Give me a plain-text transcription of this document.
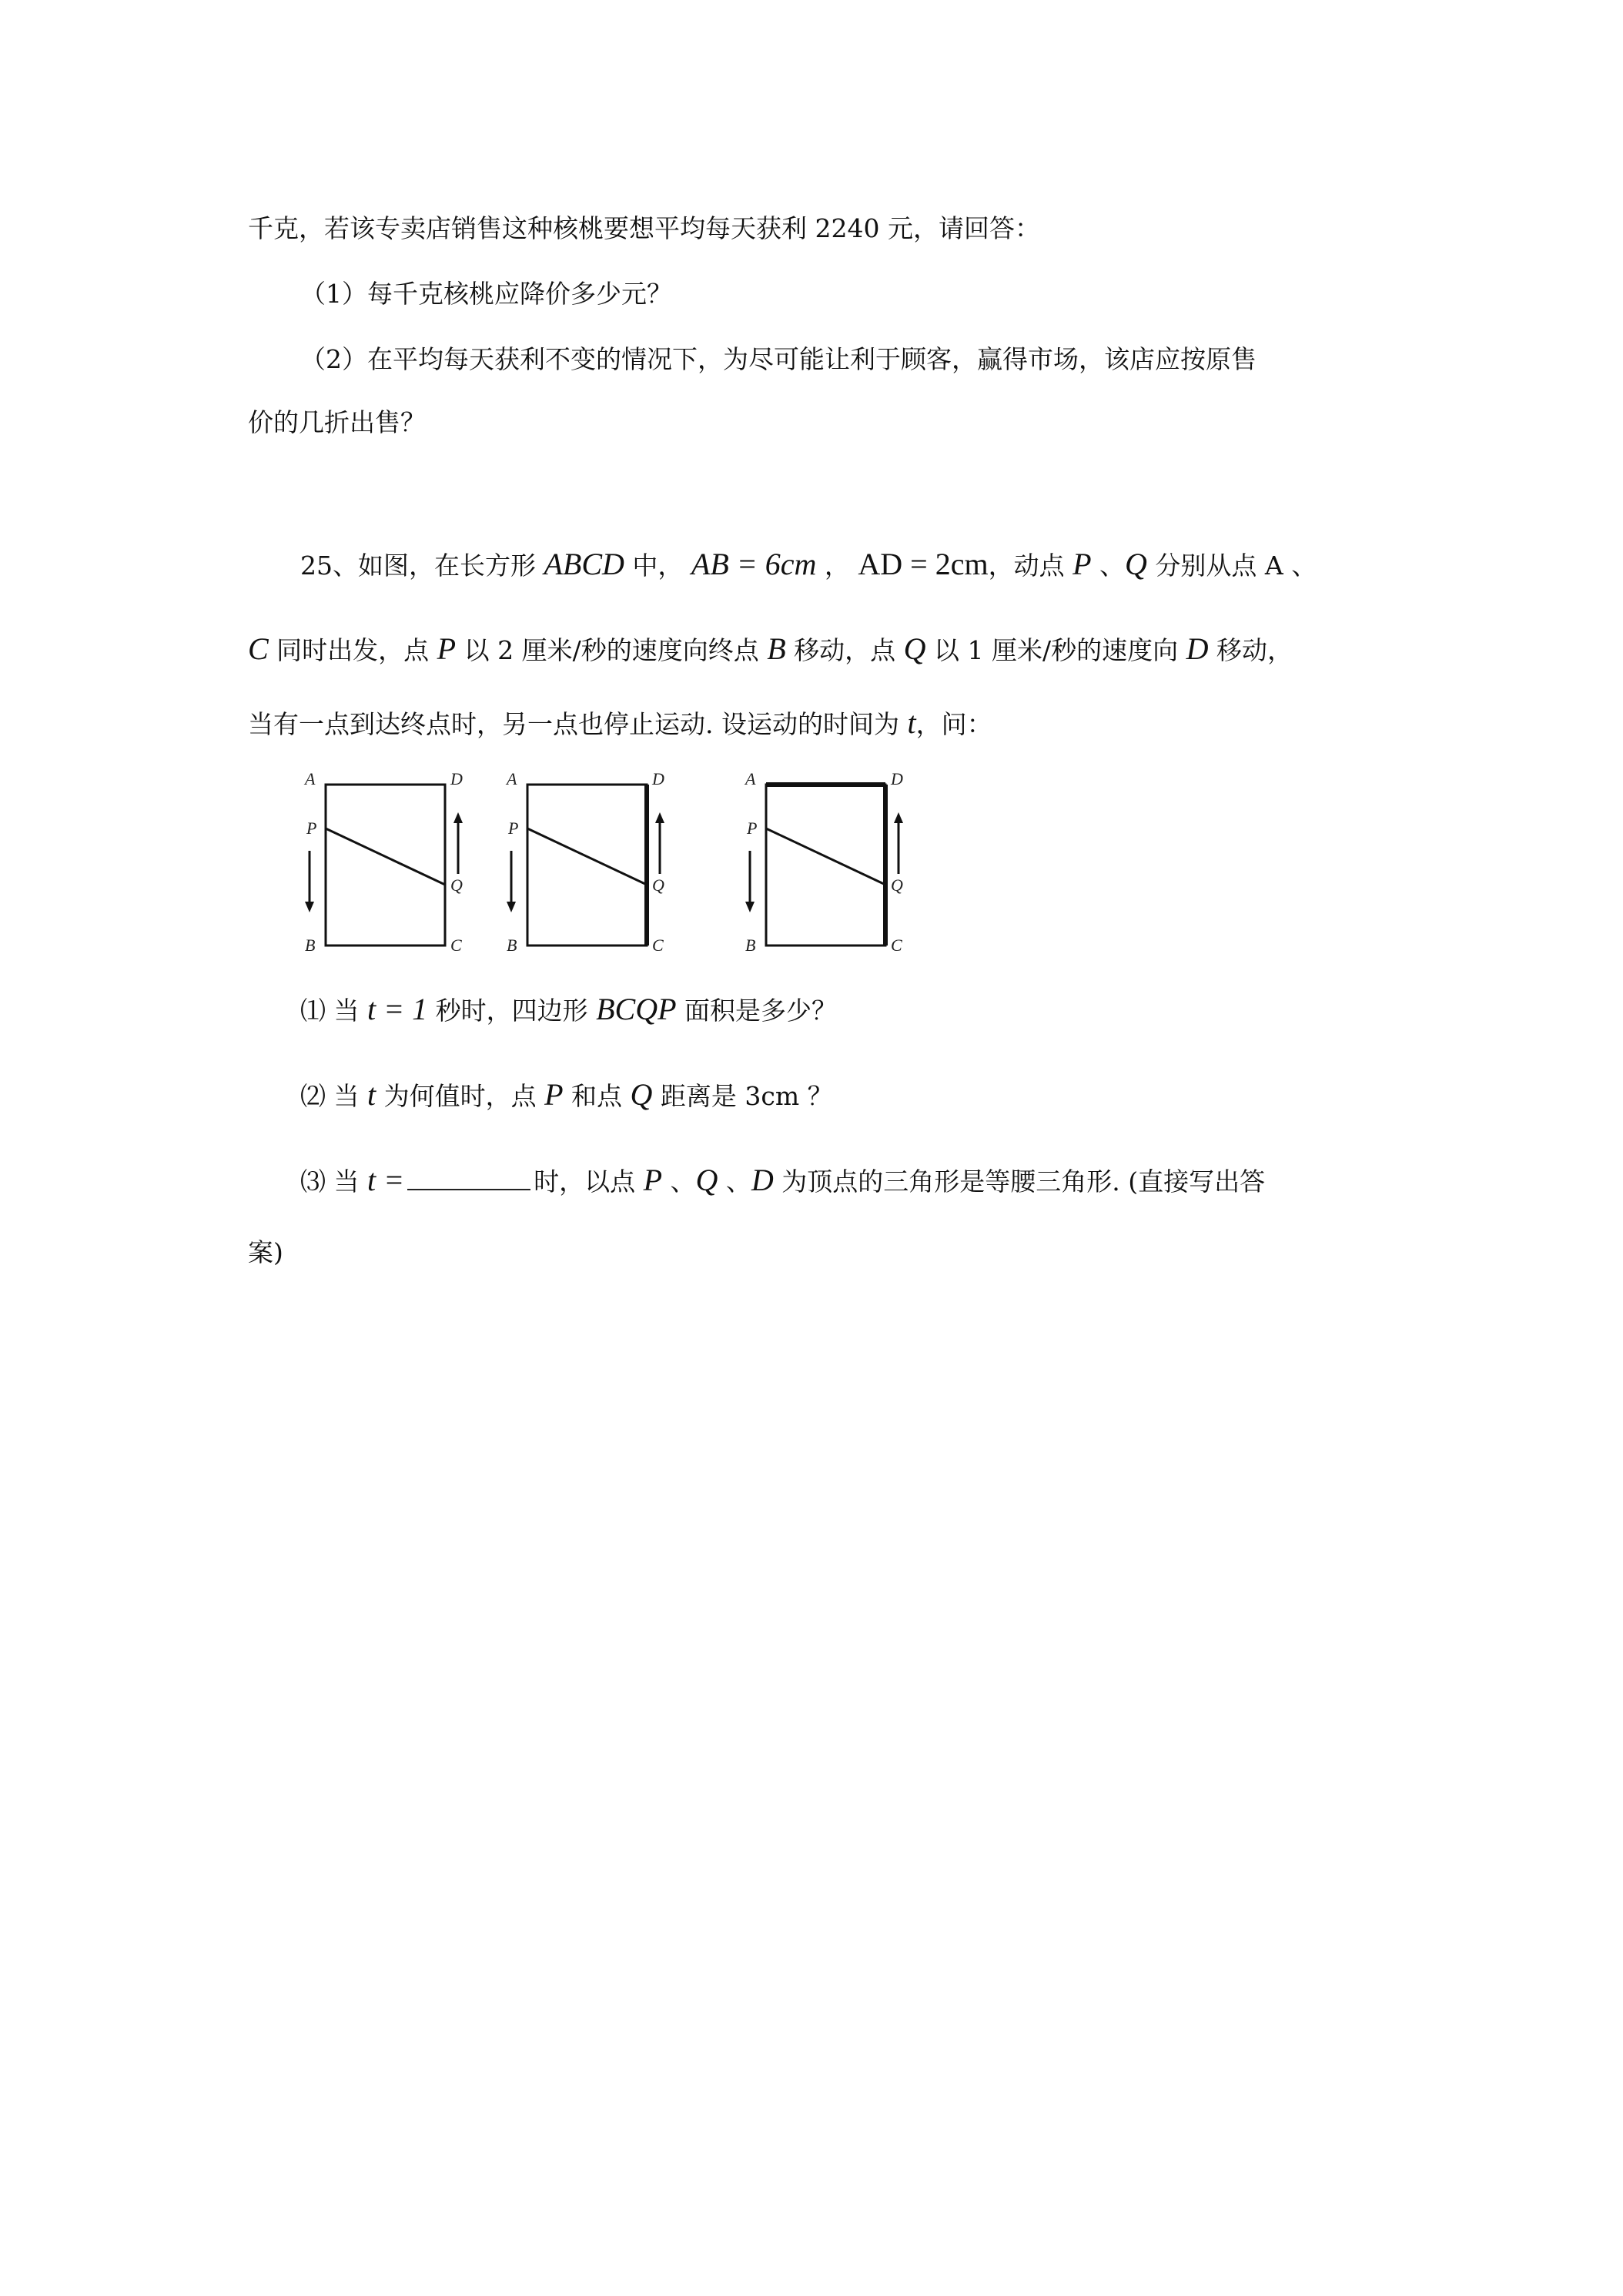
千克，若该专卖店销售这种核桃要想平均每天获利 2240 元，请回答：
（1）每千克核桃应降价多少元？
（2）在平均每天获利不变的情况下，为尽可能让利于顾客，赢得市场，该店应按原售
价的几折出售？
25、如图，在长方形 ABCD 中， AB = 6cm ， AD = 2cm，动点 P 、Q 分别从点 A 、
C 同时出发，点 P 以 2 厘米/秒的速度向终点 B 移动，点 Q 以 1 厘米/秒的速度向 D 移动，
当有一点到达终点时，另一点也停止运动. 设运动的时间为 t，问：
A	D
P
Q
B	C
A	D
P
Q
B	C
A	D
P
Q
B	C
⑴ 当 t = 1 秒时，四边形 BCQP 面积是多少？
⑵ 当 t 为何值时，点 P 和点 Q 距离是 3cm ？
⑶ 当 t =	时，以点 P 、Q 、D 为顶点的三角形是等腰三角形. (直接写出答
案)
